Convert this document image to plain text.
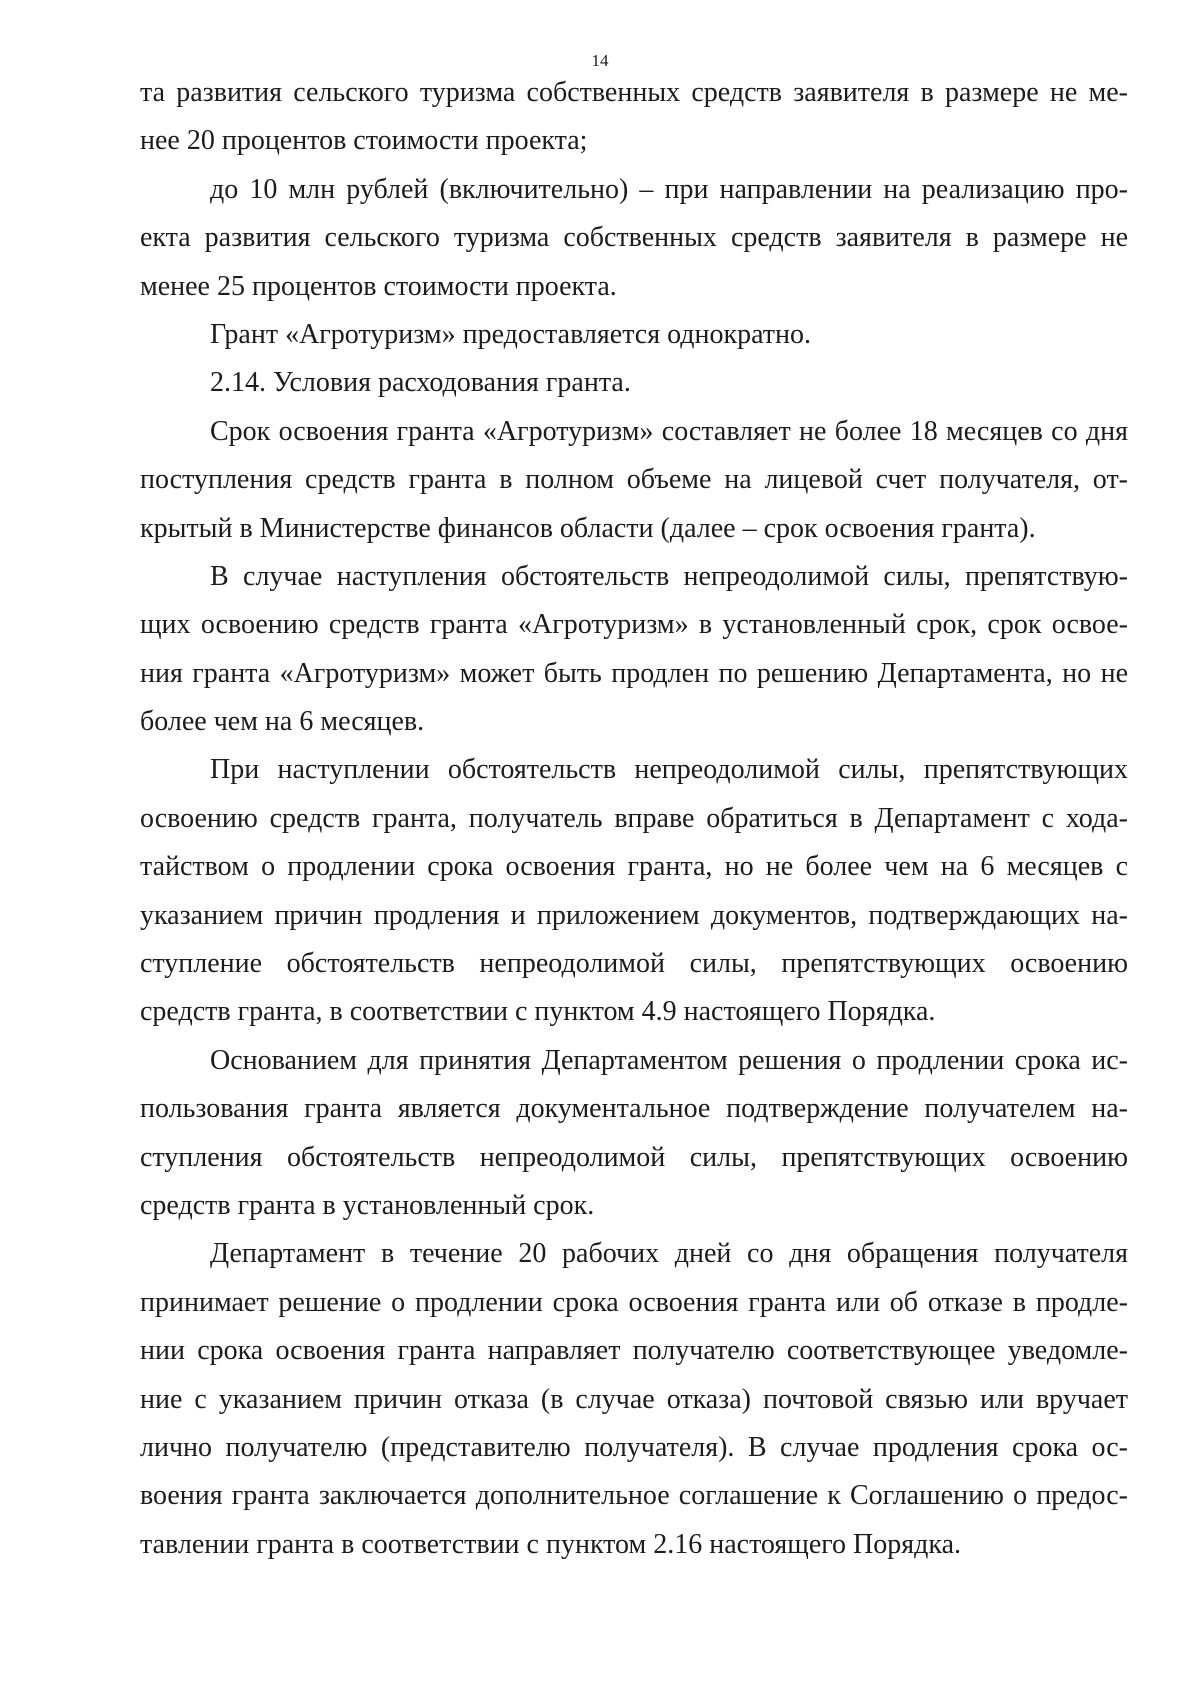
14
та развития сельского туризма собственных средств заявителя в размере не ме-
нее 20 процентов стоимости проекта;
до 10 млн рублей (включительно) – при направлении на реализацию про-
екта развития сельского туризма собственных средств заявителя в размере не
менее 25 процентов стоимости проекта.
Грант «Агротуризм» предоставляется однократно.
2.14. Условия расходования гранта.
Срок освоения гранта «Агротуризм» составляет не более 18 месяцев со дня
поступления средств гранта в полном объеме на лицевой счет получателя, от-
крытый в Министерстве финансов области (далее – срок освоения гранта).
В случае наступления обстоятельств непреодолимой силы, препятствую-
щих освоению средств гранта «Агротуризм» в установленный срок, срок освое-
ния гранта «Агротуризм» может быть продлен по решению Департамента, но не
более чем на 6 месяцев.
При наступлении обстоятельств непреодолимой силы, препятствующих
освоению средств гранта, получатель вправе обратиться в Департамент с хода-
тайством о продлении срока освоения гранта, но не более чем на 6 месяцев с
указанием причин продления и приложением документов, подтверждающих на-
ступление обстоятельств непреодолимой силы, препятствующих освоению
средств гранта, в соответствии с пунктом 4.9 настоящего Порядка.
Основанием для принятия Департаментом решения о продлении срока ис-
пользования гранта является документальное подтверждение получателем на-
ступления обстоятельств непреодолимой силы, препятствующих освоению
средств гранта в установленный срок.
Департамент в течение 20 рабочих дней со дня обращения получателя
принимает решение о продлении срока освоения гранта или об отказе в продле-
нии срока освоения гранта направляет получателю соответствующее уведомле-
ние с указанием причин отказа (в случае отказа) почтовой связью или вручает
лично получателю (представителю получателя). В случае продления срока ос-
воения гранта заключается дополнительное соглашение к Соглашению о предос-
тавлении гранта в соответствии с пунктом 2.16 настоящего Порядка.
